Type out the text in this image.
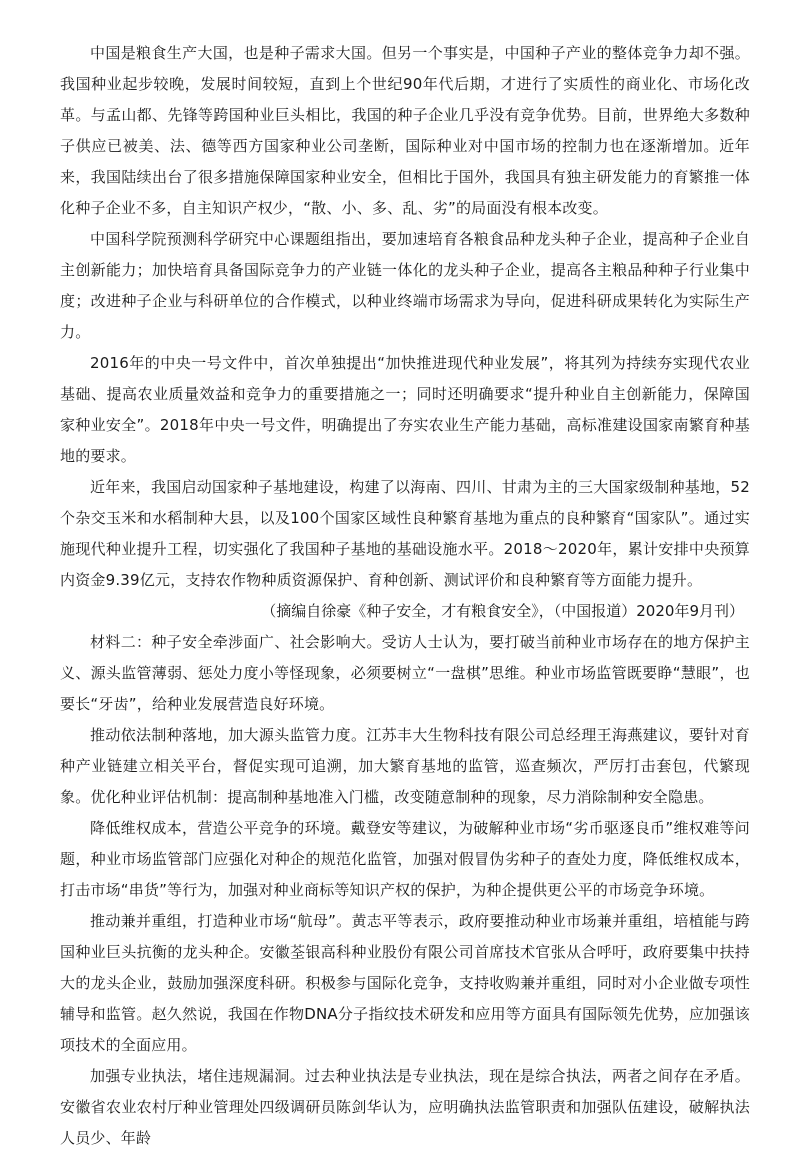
中国是粮食生产大国，也是种子需求大国。但另一个事实是，中国种子产业的整体竞争力却不强。我国种业起步较晚，发展时间较短，直到上个世纪90年代后期，才进行了实质性的商业化、市场化改革。与孟山都、先锋等跨国种业巨头相比，我国的种子企业几乎没有竞争优势。目前，世界绝大多数种子供应已被美、法、德等西方国家种业公司垄断，国际种业对中国市场的控制力也在逐渐增加。近年来，我国陆续出台了很多措施保障国家种业安全，但相比于国外，我国具有独主研发能力的育繁推一体化种子企业不多，自主知识产权少，“散、小、多、乱、劣”的局面没有根本改变。

中国科学院预测科学研究中心课题组指出，要加速培育各粮食品种龙头种子企业，提高种子企业自主创新能力；加快培育具备国际竞争力的产业链一体化的龙头种子企业，提高各主粮品种种子行业集中度；改进种子企业与科研单位的合作模式，以种业终端市场需求为导向，促进科研成果转化为实际生产力。

2016年的中央一号文件中，首次单独提出“加快推进现代种业发展”，将其列为持续夯实现代农业基础、提高农业质量效益和竞争力的重要措施之一；同时还明确要求“提升种业自主创新能力，保障国家种业安全”。2018年中央一号文件，明确提出了夯实农业生产能力基础，高标准建设国家南繁育种基地的要求。

近年来，我国启动国家种子基地建设，构建了以海南、四川、甘肃为主的三大国家级制种基地，52个杂交玉米和水稻制种大县，以及100个国家区域性良种繁育基地为重点的良种繁育“国家队”。通过实施现代种业提升工程，切实强化了我国种子基地的基础设施水平。2018～2020年，累计安排中央预算内资金9.39亿元，支持农作物种质资源保护、育种创新、测试评价和良种繁育等方面能力提升。

（摘编自徐豪《种子安全，才有粮食安全》，（中国报道）2020年9月刊）

材料二：种子安全牵涉面广、社会影响大。受访人士认为，要打破当前种业市场存在的地方保护主义、源头监管薄弱、惩处力度小等怪现象，必须要树立“一盘棋”思维。种业市场监管既要睁“慧眼”，也要长“牙齿”，给种业发展营造良好环境。

推动依法制种落地，加大源头监管力度。江苏丰大生物科技有限公司总经理王海燕建议，要针对育种产业链建立相关平台，督促实现可追溯，加大繁育基地的监管，巡查频次，严厉打击套包，代繁现象。优化种业评估机制：提高制种基地准入门槛，改变随意制种的现象，尽力消除制种安全隐患。

降低维权成本，营造公平竞争的环境。戴登安等建议，为破解种业市场“劣币驱逐良币”维权难等问题，种业市场监管部门应强化对种企的规范化监管，加强对假冒伪劣种子的查处力度，降低维权成本，打击市场“串货”等行为，加强对种业商标等知识产权的保护，为种企提供更公平的市场竞争环境。

推动兼并重组，打造种业市场“航母”。黄志平等表示，政府要推动种业市场兼并重组，培植能与跨国种业巨头抗衡的龙头种企。安徽荃银高科种业股份有限公司首席技术官张从合呼吁，政府要集中扶持大的龙头企业，鼓励加强深度科研。积极参与国际化竞争，支持收购兼并重组，同时对小企业做专项性辅导和监管。赵久然说，我国在作物DNA分子指纹技术研发和应用等方面具有国际领先优势，应加强该项技术的全面应用。

加强专业执法，堵住违规漏洞。过去种业执法是专业执法，现在是综合执法，两者之间存在矛盾。安徽省农业农村厅种业管理处四级调研员陈剑华认为，应明确执法监管职责和加强队伍建设，破解执法人员少、年龄
